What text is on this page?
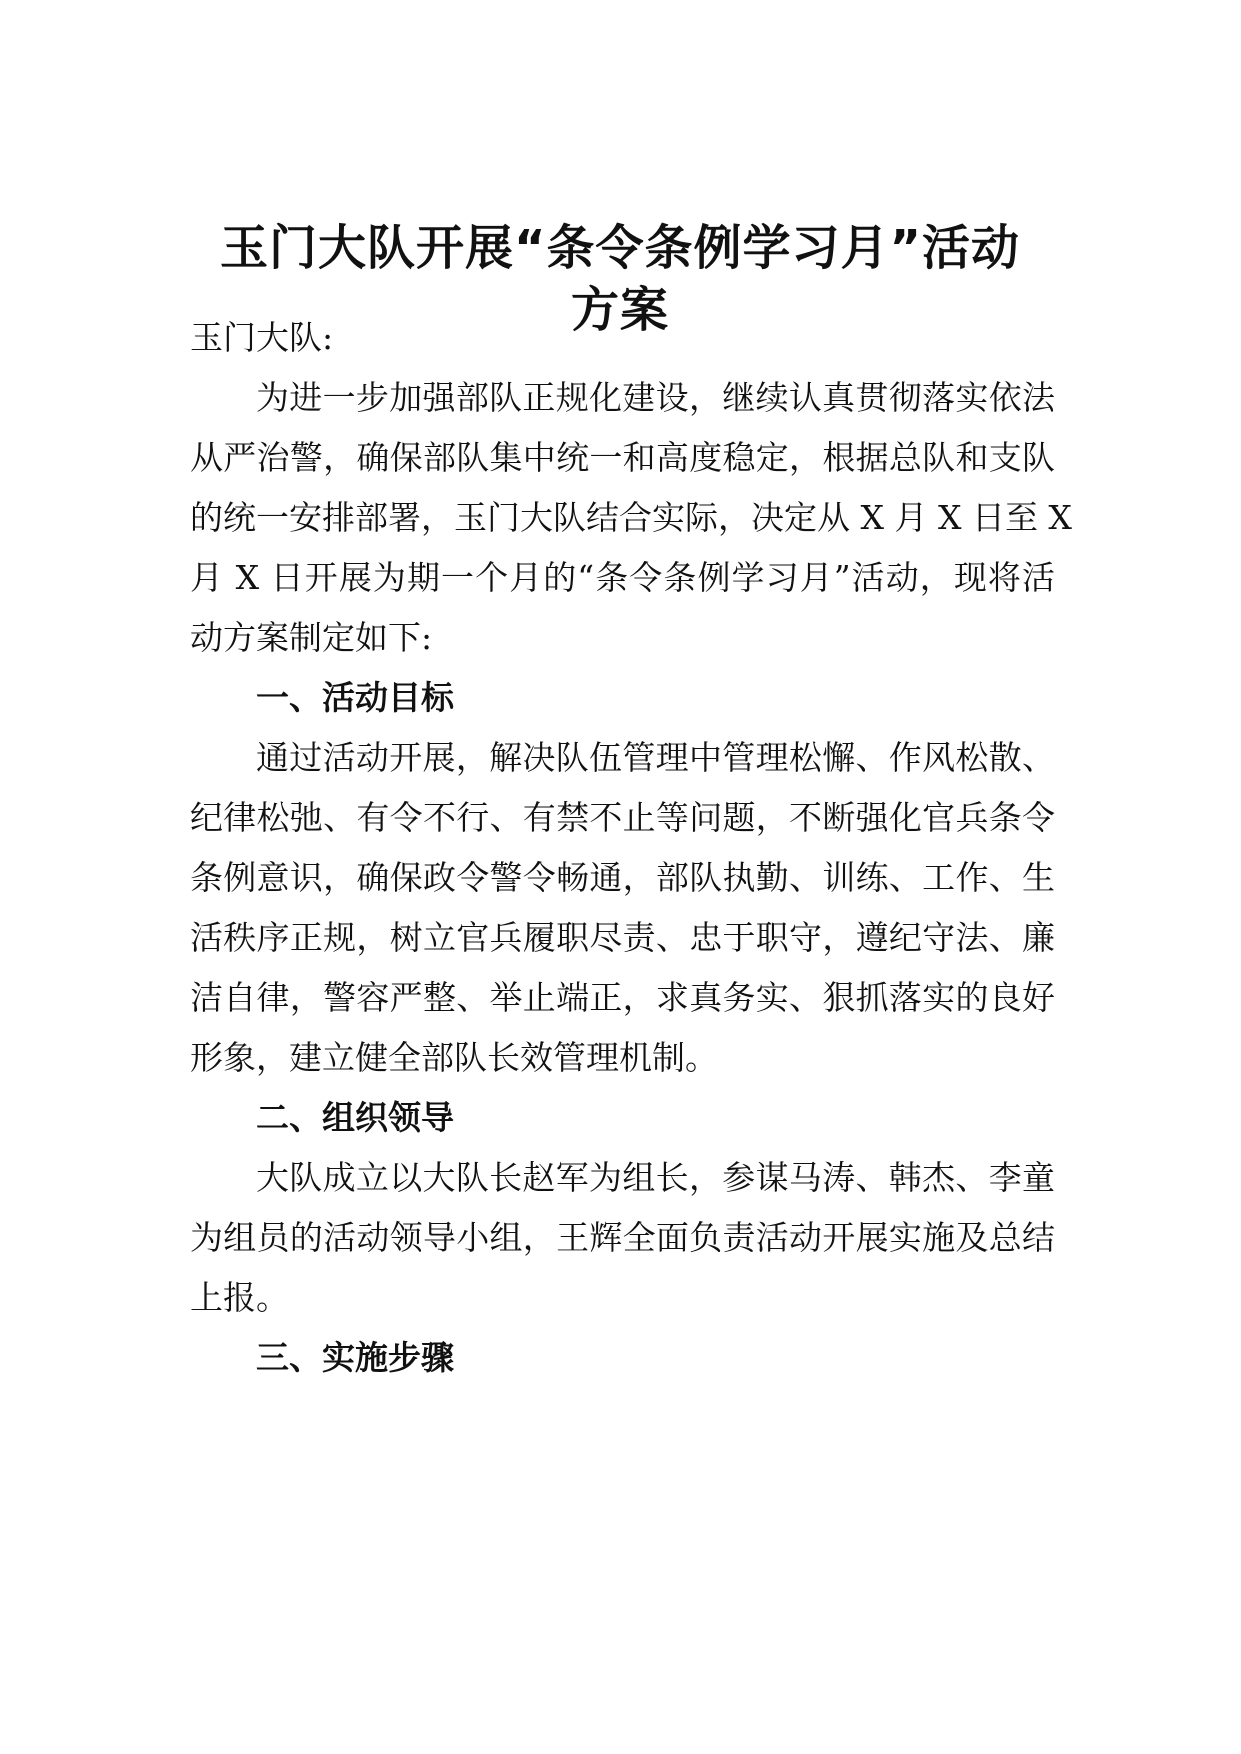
玉门大队开展“条令条例学习月”活动
方案

玉门大队:

为进一步加强部队正规化建设，继续认真贯彻落实依法

从严治警，确保部队集中统一和高度稳定，根据总队和支队

的统一安排部署，玉门大队结合实际，决定从 X 月 X 日至 X

月 X 日开展为期一个月的“条令条例学习月”活动，现将活

动方案制定如下:

一、活动目标

通过活动开展，解决队伍管理中管理松懈、作风松散、

纪律松弛、有令不行、有禁不止等问题，不断强化官兵条令

条例意识，确保政令警令畅通，部队执勤、训练、工作、生

活秩序正规，树立官兵履职尽责、忠于职守，遵纪守法、廉

洁自律，警容严整、举止端正，求真务实、狠抓落实的良好

形象，建立健全部队长效管理机制。

二、组织领导

大队成立以大队长赵军为组长，参谋马涛、韩杰、李童

为组员的活动领导小组，王辉全面负责活动开展实施及总结

上报。

三、实施步骤
